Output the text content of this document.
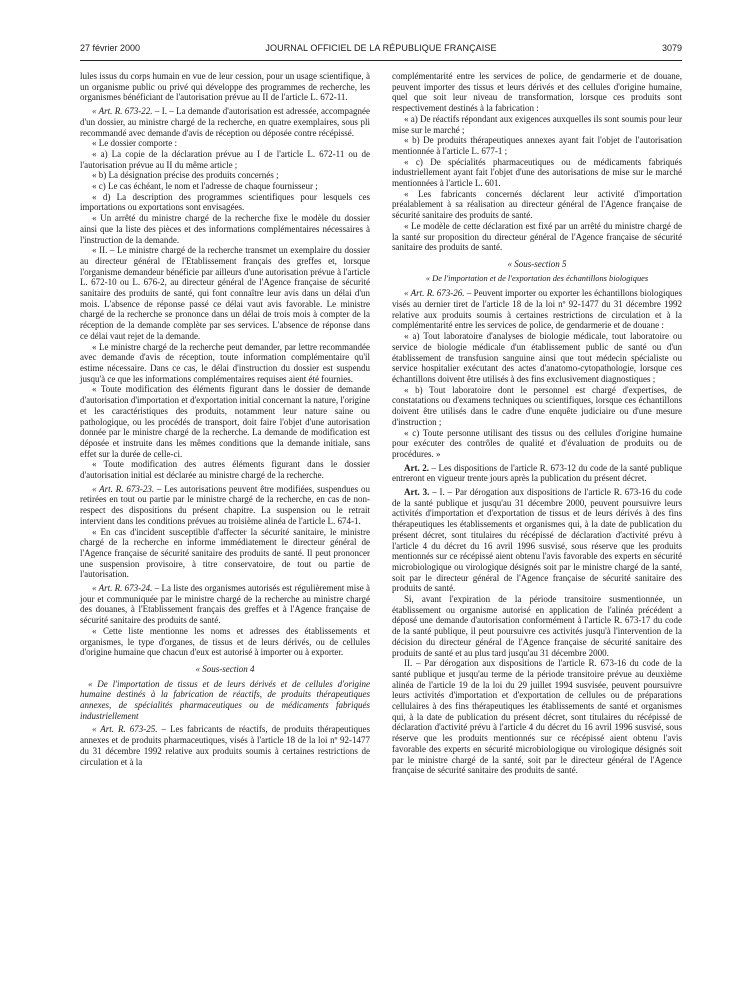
27 février 2000	JOURNAL OFFICIEL DE LA RÉPUBLIQUE FRANÇAISE	3079

lules issus du corps humain en vue de leur cession, pour un usage scientifique, à un organisme public ou privé qui développe des programmes de recherche, les organismes bénéficiant de l'autorisation prévue au II de l'article L. 672-11.

« Art. R. 673-22. – I. – La demande d'autorisation est adressée, accompagnée d'un dossier, au ministre chargé de la recherche, en quatre exemplaires, sous pli recommandé avec demande d'avis de réception ou déposée contre récépissé.

« Le dossier comporte :

« a) La copie de la déclaration prévue au I de l'article L. 672-11 ou de l'autorisation prévue au II du même article ;

« b) La désignation précise des produits concernés ;

« c) Le cas échéant, le nom et l'adresse de chaque fournisseur ;

« d) La description des programmes scientifiques pour lesquels ces importations ou exportations sont envisagées.

« Un arrêté du ministre chargé de la recherche fixe le modèle du dossier ainsi que la liste des pièces et des informations complémentaires nécessaires à l'instruction de la demande.

« II. – Le ministre chargé de la recherche transmet un exemplaire du dossier au directeur général de l'Etablissement français des greffes et, lorsque l'organisme demandeur bénéficie par ailleurs d'une autorisation prévue à l'article L. 672-10 ou L. 676-2, au directeur général de l'Agence française de sécurité sanitaire des produits de santé, qui font connaître leur avis dans un délai d'un mois. L'absence de réponse passé ce délai vaut avis favorable. Le ministre chargé de la recherche se prononce dans un délai de trois mois à compter de la réception de la demande complète par ses services. L'absence de réponse dans ce délai vaut rejet de la demande.

« Le ministre chargé de la recherche peut demander, par lettre recommandée avec demande d'avis de réception, toute information complémentaire qu'il estime nécessaire. Dans ce cas, le délai d'instruction du dossier est suspendu jusqu'à ce que les informations complémentaires requises aient été fournies.

« Toute modification des éléments figurant dans le dossier de demande d'autorisation d'importation et d'exportation initial concernant la nature, l'origine et les caractéristiques des produits, notamment leur nature saine ou pathologique, ou les procédés de transport, doit faire l'objet d'une autorisation donnée par le ministre chargé de la recherche. La demande de modification est déposée et instruite dans les mêmes conditions que la demande initiale, sans effet sur la durée de celle-ci.

« Toute modification des autres éléments figurant dans le dossier d'autorisation initial est déclarée au ministre chargé de la recherche.

« Art. R. 673-23. – Les autorisations peuvent être modifiées, suspendues ou retirées en tout ou partie par le ministre chargé de la recherche, en cas de non-respect des dispositions du présent chapitre. La suspension ou le retrait intervient dans les conditions prévues au troisième alinéa de l'article L. 674-1.

« En cas d'incident susceptible d'affecter la sécurité sanitaire, le ministre chargé de la recherche en informe immédiatement le directeur général de l'Agence française de sécurité sanitaire des produits de santé. Il peut prononcer une suspension provisoire, à titre conservatoire, de tout ou partie de l'autorisation.

« Art. R. 673-24. – La liste des organismes autorisés est régulièrement mise à jour et communiquée par le ministre chargé de la recherche au ministre chargé des douanes, à l'Etablissement français des greffes et à l'Agence française de sécurité sanitaire des produits de santé.

« Cette liste mentionne les noms et adresses des établissements et organismes, le type d'organes, de tissus et de leurs dérivés, ou de cellules d'origine humaine que chacun d'eux est autorisé à importer ou à exporter.

« Sous-section 4

« De l'importation de tissus et de leurs dérivés et de cellules d'origine humaine destinés à la fabrication de réactifs, de produits thérapeutiques annexes, de spécialités pharmaceutiques ou de médicaments fabriqués industriellement

« Art. R. 673-25. – Les fabricants de réactifs, de produits thérapeutiques annexes et de produits pharmaceutiques, visés à l'article 18 de la loi nº 92-1477 du 31 décembre 1992 relative aux produits soumis à certaines restrictions de circulation et à la

complémentarité entre les services de police, de gendarmerie et de douane, peuvent importer des tissus et leurs dérivés et des cellules d'origine humaine, quel que soit leur niveau de transformation, lorsque ces produits sont respectivement destinés à la fabrication :

« a) De réactifs répondant aux exigences auxquelles ils sont soumis pour leur mise sur le marché ;

« b) De produits thérapeutiques annexes ayant fait l'objet de l'autorisation mentionnée à l'article L. 677-1 ;

« c) De spécialités pharmaceutiques ou de médicaments fabriqués industriellement ayant fait l'objet d'une des autorisations de mise sur le marché mentionnées à l'article L. 601.

« Les fabricants concernés déclarent leur activité d'importation préalablement à sa réalisation au directeur général de l'Agence française de sécurité sanitaire des produits de santé.

« Le modèle de cette déclaration est fixé par un arrêté du ministre chargé de la santé sur proposition du directeur général de l'Agence française de sécurité sanitaire des produits de santé.

« Sous-section 5

« De l'importation et de l'exportation des échantillons biologiques

« Art. R. 673-26. – Peuvent importer ou exporter les échantillons biologiques visés au dernier tiret de l'article 18 de la loi nº 92-1477 du 31 décembre 1992 relative aux produits soumis à certaines restrictions de circulation et à la complémentarité entre les services de police, de gendarmerie et de douane :

« a) Tout laboratoire d'analyses de biologie médicale, tout laboratoire ou service de biologie médicale d'un établissement public de santé ou d'un établissement de transfusion sanguine ainsi que tout médecin spécialiste ou service hospitalier exécutant des actes d'anatomo-cytopathologie, lorsque ces échantillons doivent être utilisés à des fins exclusivement diagnostiques ;

« b) Tout laboratoire dont le personnel est chargé d'expertises, de constatations ou d'examens techniques ou scientifiques, lorsque ces échantillons doivent être utilisés dans le cadre d'une enquête judiciaire ou d'une mesure d'instruction ;

« c) Toute personne utilisant des tissus ou des cellules d'origine humaine pour exécuter des contrôles de qualité et d'évaluation de produits ou de procédures. »

Art. 2. – Les dispositions de l'article R. 673-12 du code de la santé publique entreront en vigueur trente jours après la publication du présent décret.

Art. 3. – I. – Par dérogation aux dispositions de l'article R. 673-16 du code de la santé publique et jusqu'au 31 décembre 2000, peuvent poursuivre leurs activités d'importation et d'exportation de tissus et de leurs dérivés à des fins thérapeutiques les établissements et organismes qui, à la date de publication du présent décret, sont titulaires du récépissé de déclaration d'activité prévu à l'article 4 du décret du 16 avril 1996 susvisé, sous réserve que les produits mentionnés sur ce récépissé aient obtenu l'avis favorable des experts en sécurité microbiologique ou virologique désignés soit par le ministre chargé de la santé, soit par le directeur général de l'Agence française de sécurité sanitaire des produits de santé.

Si, avant l'expiration de la période transitoire susmentionnée, un établissement ou organisme autorisé en application de l'alinéa précédent a déposé une demande d'autorisation conformément à l'article R. 673-17 du code de la santé publique, il peut poursuivre ces activités jusqu'à l'intervention de la décision du directeur général de l'Agence française de sécurité sanitaire des produits de santé et au plus tard jusqu'au 31 décembre 2000.

II. – Par dérogation aux dispositions de l'article R. 673-16 du code de la santé publique et jusqu'au terme de la période transitoire prévue au deuxième alinéa de l'article 19 de la loi du 29 juillet 1994 susvisée, peuvent poursuivre leurs activités d'importation et d'exportation de cellules ou de préparations cellulaires à des fins thérapeutiques les établissements de santé et organismes qui, à la date de publication du présent décret, sont titulaires du récépissé de déclaration d'activité prévu à l'article 4 du décret du 16 avril 1996 susvisé, sous réserve que les produits mentionnés sur ce récépissé aient obtenu l'avis favorable des experts en sécurité microbiologique ou virologique désignés soit par le ministre chargé de la santé, soit par le directeur général de l'Agence française de sécurité sanitaire des produits de santé.
